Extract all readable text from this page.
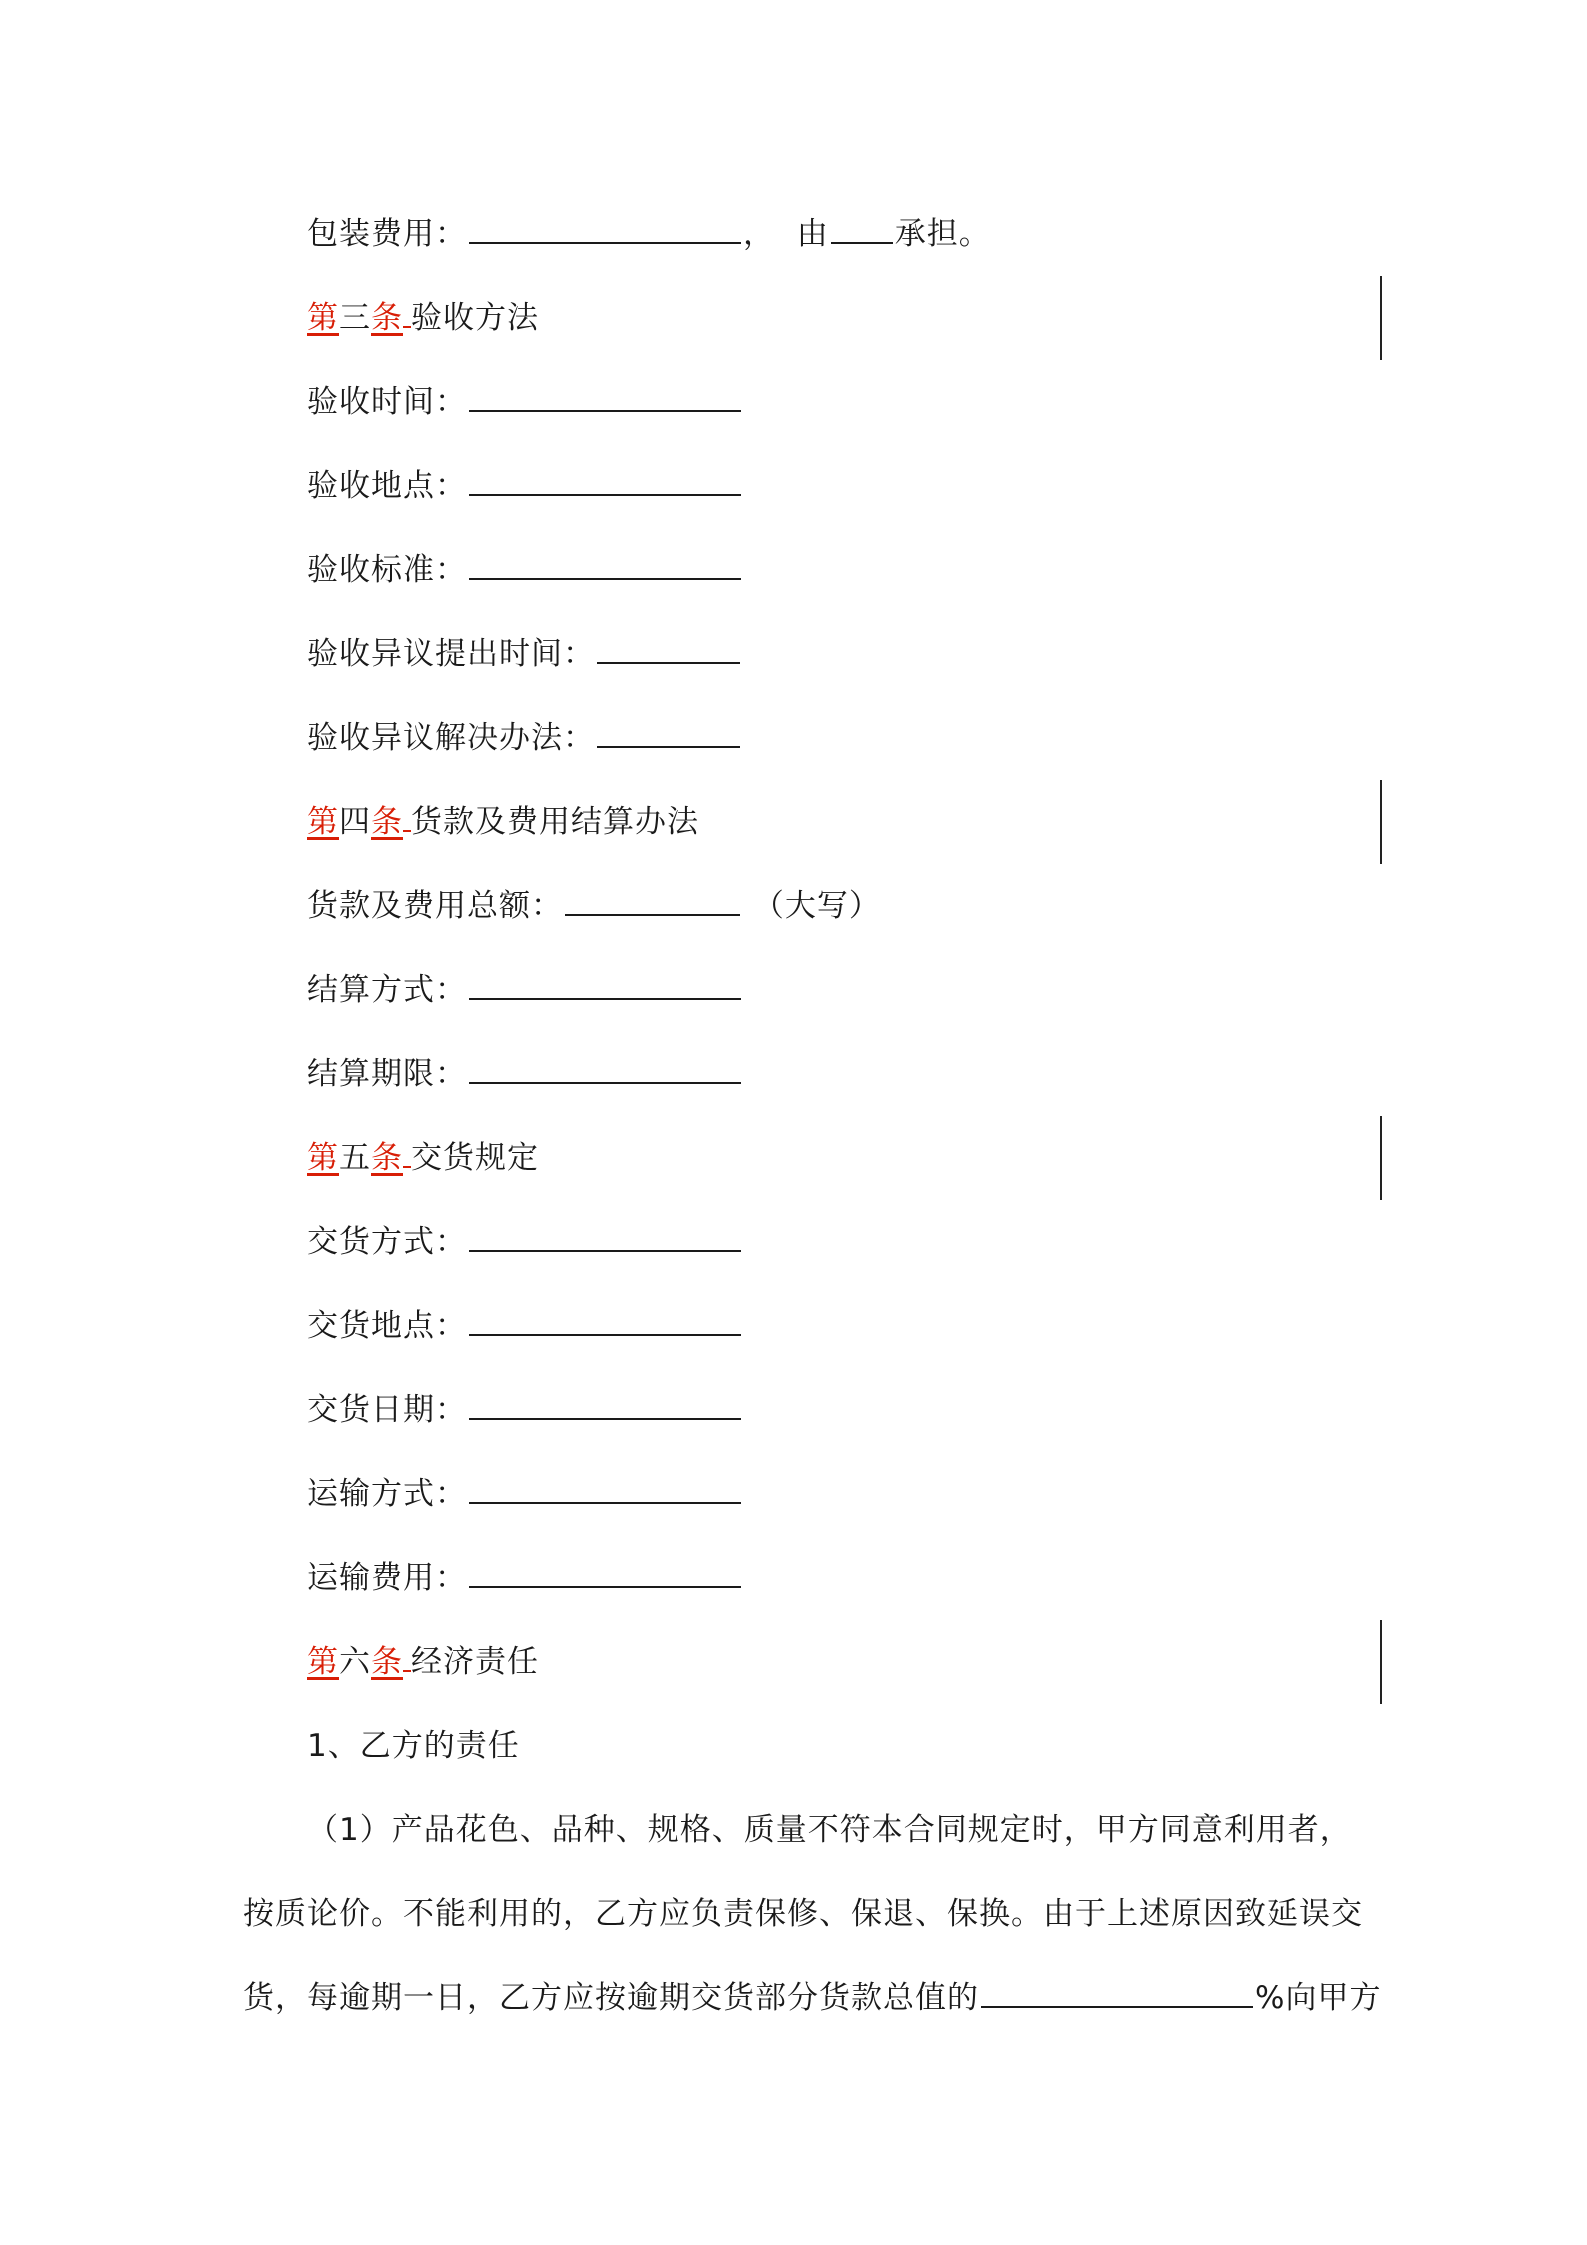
包装费用：	， 由 承担。
第三条 验收方法
验收时间：
验收地点：
验收标准：
验收异议提出时间：
验收异议解决办法：
第四条 货款及费用结算办法
货款及费用总额：	（大写）
结算方式：
结算期限：
第五条 交货规定
交货方式：
交货地点：
交货日期：
运输方式：
运输费用：
第六条 经济责任
1、乙方的责任
（1）产品花色、品种、规格、质量不符本合同规定时，甲方同意利用者，
按质论价。不能利用的，乙方应负责保修、保退、保换。由于上述原因致延误交
货，每逾期一日，乙方应按逾期交货部分货款总值的	%向甲方
